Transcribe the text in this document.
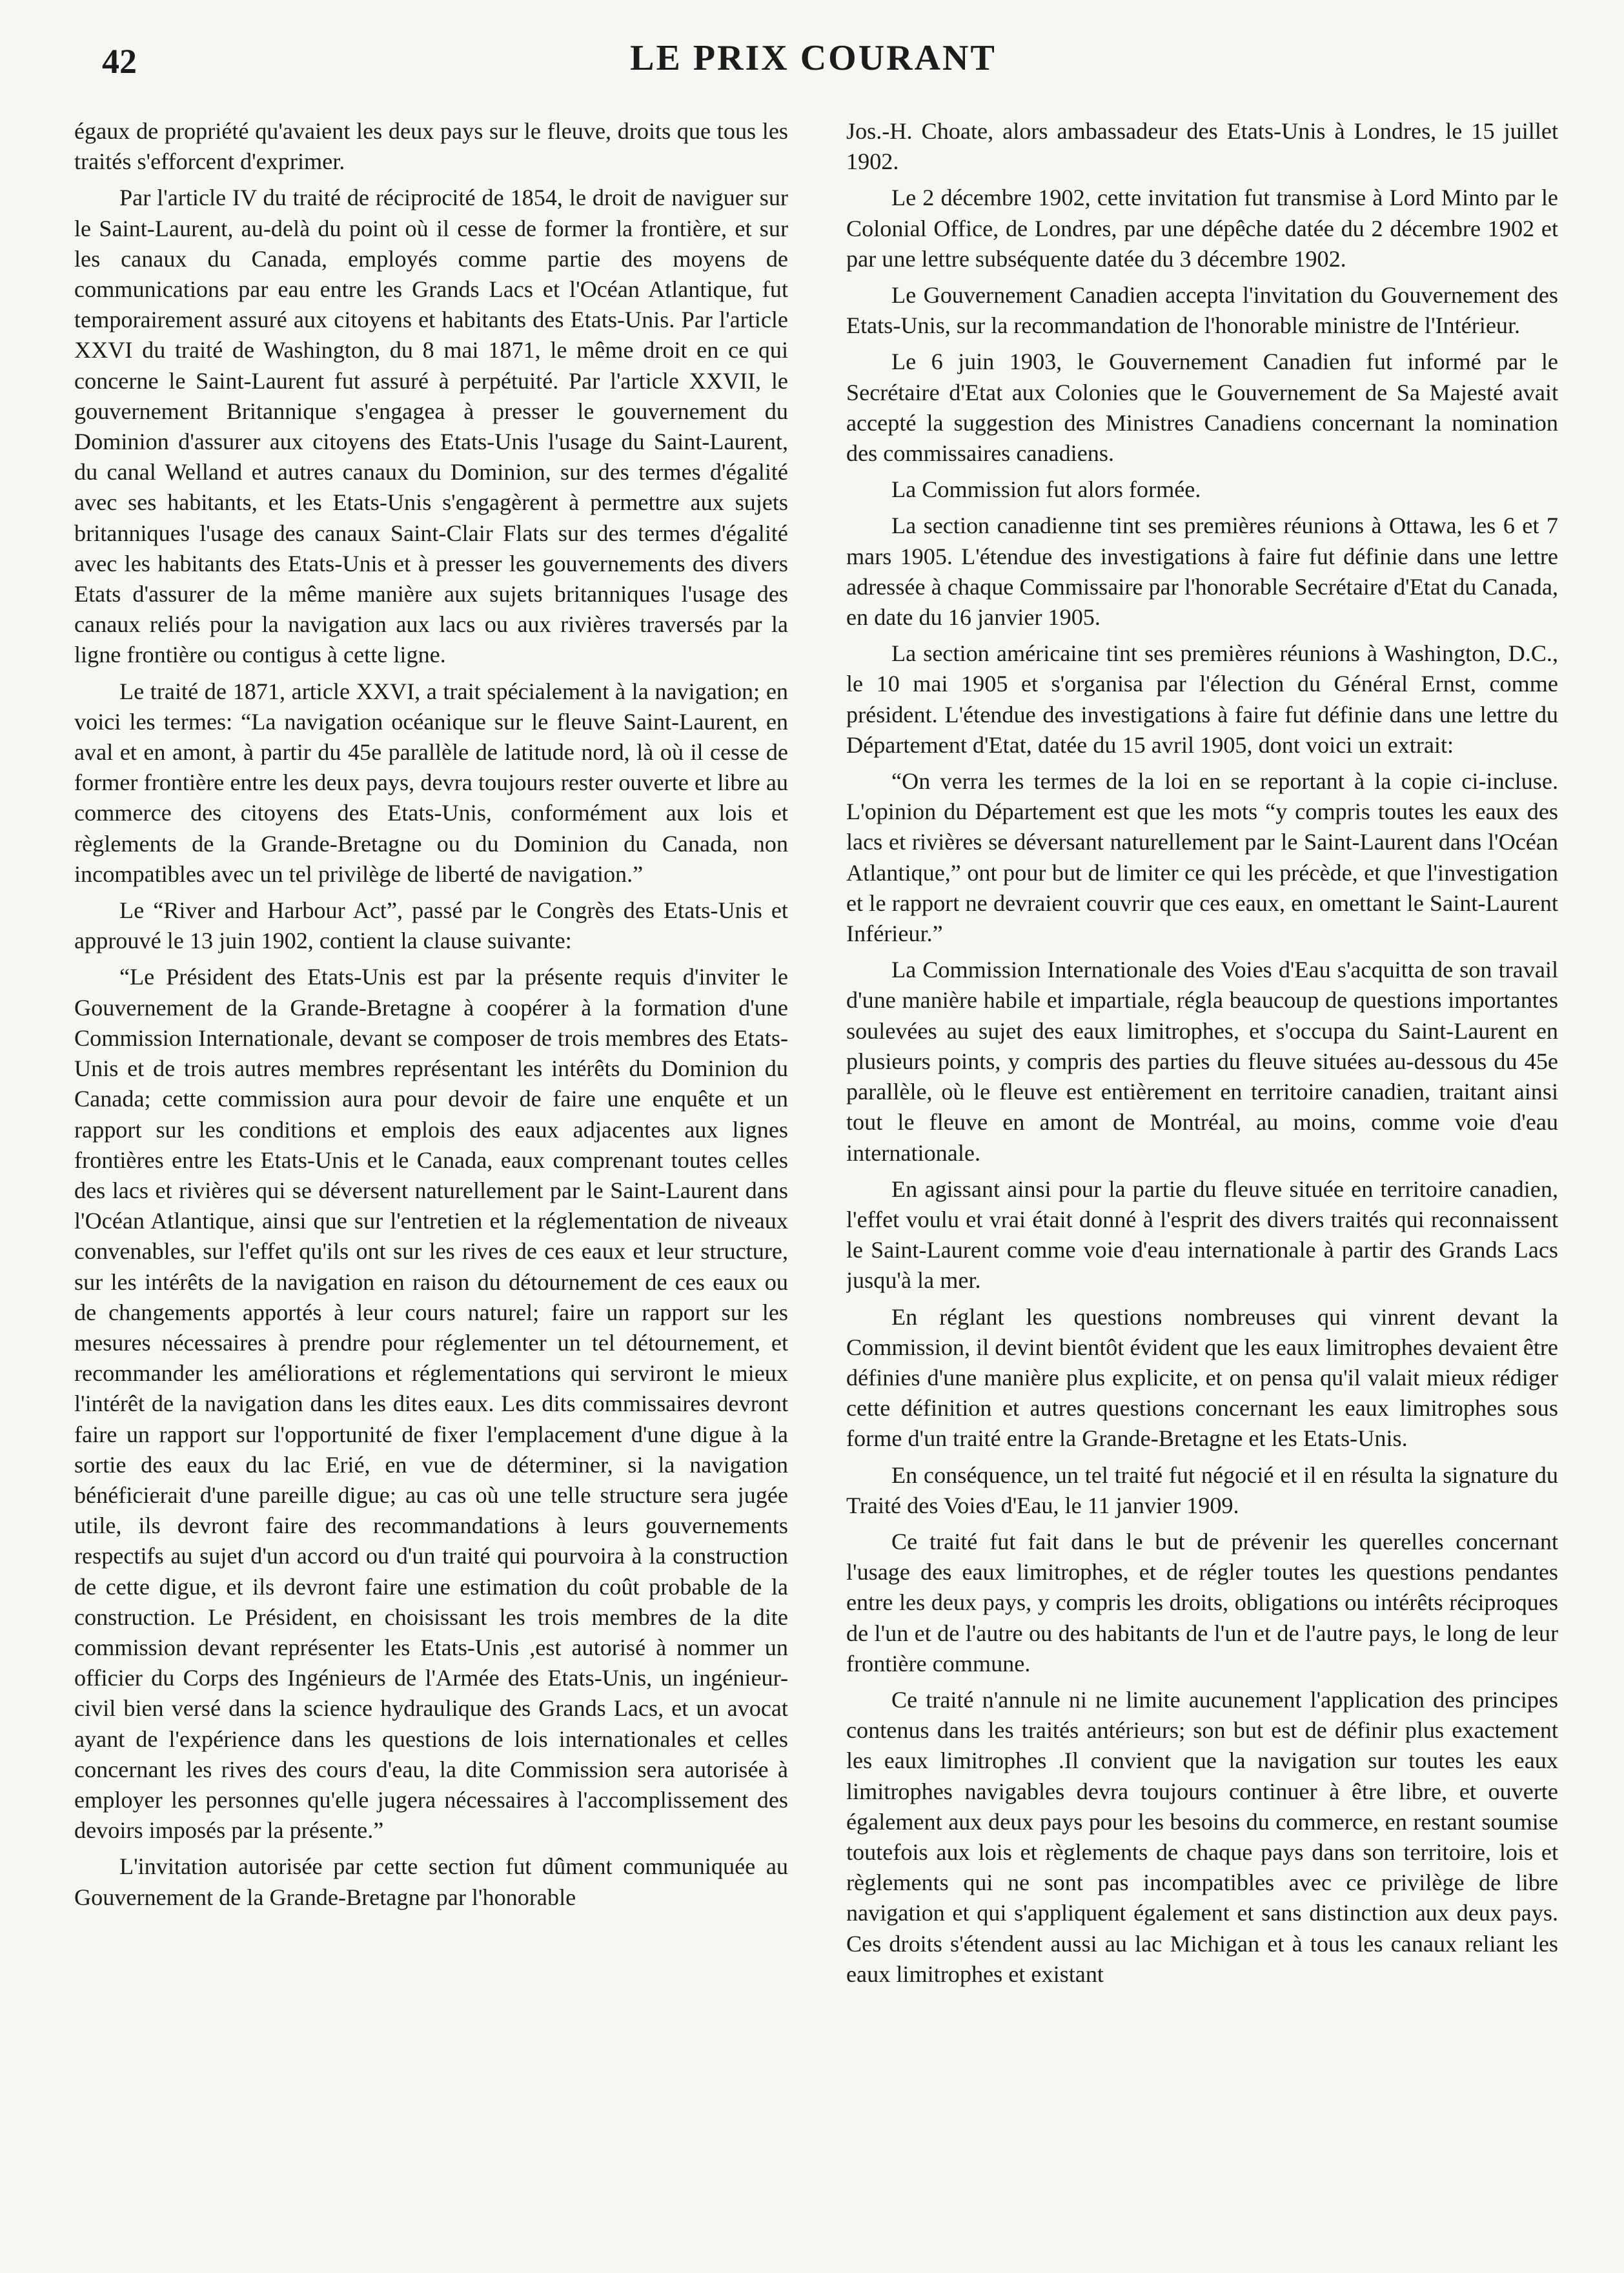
42	LE PRIX COURANT

égaux de propriété qu'avaient les deux pays sur le fleuve, droits que tous les traités s'efforcent d'exprimer.

Par l'article IV du traité de réciprocité de 1854, le droit de naviguer sur le Saint-Laurent, au-delà du point où il cesse de former la frontière, et sur les canaux du Canada, employés comme partie des moyens de communications par eau entre les Grands Lacs et l'Océan Atlantique, fut temporairement assuré aux citoyens et habitants des Etats-Unis. Par l'article XXVI du traité de Washington, du 8 mai 1871, le même droit en ce qui concerne le Saint-Laurent fut assuré à perpétuité. Par l'article XXVII, le gouvernement Britannique s'engagea à presser le gouvernement du Dominion d'assurer aux citoyens des Etats-Unis l'usage du Saint-Laurent, du canal Welland et autres canaux du Dominion, sur des termes d'égalité avec ses habitants, et les Etats-Unis s'engagèrent à permettre aux sujets britanniques l'usage des canaux Saint-Clair Flats sur des termes d'égalité avec les habitants des Etats-Unis et à presser les gouvernements des divers Etats d'assurer de la même manière aux sujets britanniques l'usage des canaux reliés pour la navigation aux lacs ou aux rivières traversés par la ligne frontière ou contigus à cette ligne.

Le traité de 1871, article XXVI, a trait spécialement à la navigation; en voici les termes: “La navigation océanique sur le fleuve Saint-Laurent, en aval et en amont, à partir du 45e parallèle de latitude nord, là où il cesse de former frontière entre les deux pays, devra toujours rester ouverte et libre au commerce des citoyens des Etats-Unis, conformément aux lois et règlements de la Grande-Bretagne ou du Dominion du Canada, non incompatibles avec un tel privilège de liberté de navigation.”

Le “River and Harbour Act”, passé par le Congrès des Etats-Unis et approuvé le 13 juin 1902, contient la clause suivante:

“Le Président des Etats-Unis est par la présente requis d'inviter le Gouvernement de la Grande-Bretagne à coopérer à la formation d'une Commission Internationale, devant se composer de trois membres des Etats-Unis et de trois autres membres représentant les intérêts du Dominion du Canada; cette commission aura pour devoir de faire une enquête et un rapport sur les conditions et emplois des eaux adjacentes aux lignes frontières entre les Etats-Unis et le Canada, eaux comprenant toutes celles des lacs et rivières qui se déversent naturellement par le Saint-Laurent dans l'Océan Atlantique, ainsi que sur l'entretien et la réglementation de niveaux convenables, sur l'effet qu'ils ont sur les rives de ces eaux et leur structure, sur les intérêts de la navigation en raison du détournement de ces eaux ou de changements apportés à leur cours naturel; faire un rapport sur les mesures nécessaires à prendre pour réglementer un tel détournement, et recommander les améliorations et réglementations qui serviront le mieux l'intérêt de la navigation dans les dites eaux. Les dits commissaires devront faire un rapport sur l'opportunité de fixer l'emplacement d'une digue à la sortie des eaux du lac Erié, en vue de déterminer, si la navigation bénéficierait d'une pareille digue; au cas où une telle structure sera jugée utile, ils devront faire des recommandations à leurs gouvernements respectifs au sujet d'un accord ou d'un traité qui pourvoira à la construction de cette digue, et ils devront faire une estimation du coût probable de la construction. Le Président, en choisissant les trois membres de la dite commission devant représenter les Etats-Unis ,est autorisé à nommer un officier du Corps des Ingénieurs de l'Armée des Etats-Unis, un ingénieur-civil bien versé dans la science hydraulique des Grands Lacs, et un avocat ayant de l'expérience dans les questions de lois internationales et celles concernant les rives des cours d'eau, la dite Commission sera autorisée à employer les personnes qu'elle jugera nécessaires à l'accomplissement des devoirs imposés par la présente.”

L'invitation autorisée par cette section fut dûment communiquée au Gouvernement de la Grande-Bretagne par l'honorable

Jos.-H. Choate, alors ambassadeur des Etats-Unis à Londres, le 15 juillet 1902.

Le 2 décembre 1902, cette invitation fut transmise à Lord Minto par le Colonial Office, de Londres, par une dépêche datée du 2 décembre 1902 et par une lettre subséquente datée du 3 décembre 1902.

Le Gouvernement Canadien accepta l'invitation du Gouvernement des Etats-Unis, sur la recommandation de l'honorable ministre de l'Intérieur.

Le 6 juin 1903, le Gouvernement Canadien fut informé par le Secrétaire d'Etat aux Colonies que le Gouvernement de Sa Majesté avait accepté la suggestion des Ministres Canadiens concernant la nomination des commissaires canadiens.

La Commission fut alors formée.

La section canadienne tint ses premières réunions à Ottawa, les 6 et 7 mars 1905. L'étendue des investigations à faire fut définie dans une lettre adressée à chaque Commissaire par l'honorable Secrétaire d'Etat du Canada, en date du 16 janvier 1905.

La section américaine tint ses premières réunions à Washington, D.C., le 10 mai 1905 et s'organisa par l'élection du Général Ernst, comme président. L'étendue des investigations à faire fut définie dans une lettre du Département d'Etat, datée du 15 avril 1905, dont voici un extrait:

“On verra les termes de la loi en se reportant à la copie ci-incluse. L'opinion du Département est que les mots “y compris toutes les eaux des lacs et rivières se déversant naturellement par le Saint-Laurent dans l'Océan Atlantique,” ont pour but de limiter ce qui les précède, et que l'investigation et le rapport ne devraient couvrir que ces eaux, en omettant le Saint-Laurent Inférieur.”

La Commission Internationale des Voies d'Eau s'acquitta de son travail d'une manière habile et impartiale, régla beaucoup de questions importantes soulevées au sujet des eaux limitrophes, et s'occupa du Saint-Laurent en plusieurs points, y compris des parties du fleuve situées au-dessous du 45e parallèle, où le fleuve est entièrement en territoire canadien, traitant ainsi tout le fleuve en amont de Montréal, au moins, comme voie d'eau internationale.

En agissant ainsi pour la partie du fleuve située en territoire canadien, l'effet voulu et vrai était donné à l'esprit des divers traités qui reconnaissent le Saint-Laurent comme voie d'eau internationale à partir des Grands Lacs jusqu'à la mer.

En réglant les questions nombreuses qui vinrent devant la Commission, il devint bientôt évident que les eaux limitrophes devaient être définies d'une manière plus explicite, et on pensa qu'il valait mieux rédiger cette définition et autres questions concernant les eaux limitrophes sous forme d'un traité entre la Grande-Bretagne et les Etats-Unis.

En conséquence, un tel traité fut négocié et il en résulta la signature du Traité des Voies d'Eau, le 11 janvier 1909.

Ce traité fut fait dans le but de prévenir les querelles concernant l'usage des eaux limitrophes, et de régler toutes les questions pendantes entre les deux pays, y compris les droits, obligations ou intérêts réciproques de l'un et de l'autre ou des habitants de l'un et de l'autre pays, le long de leur frontière commune.

Ce traité n'annule ni ne limite aucunement l'application des principes contenus dans les traités antérieurs; son but est de définir plus exactement les eaux limitrophes .Il convient que la navigation sur toutes les eaux limitrophes navigables devra toujours continuer à être libre, et ouverte également aux deux pays pour les besoins du commerce, en restant soumise toutefois aux lois et règlements de chaque pays dans son territoire, lois et règlements qui ne sont pas incompatibles avec ce privilège de libre navigation et qui s'appliquent également et sans distinction aux deux pays. Ces droits s'étendent aussi au lac Michigan et à tous les canaux reliant les eaux limitrophes et existant
